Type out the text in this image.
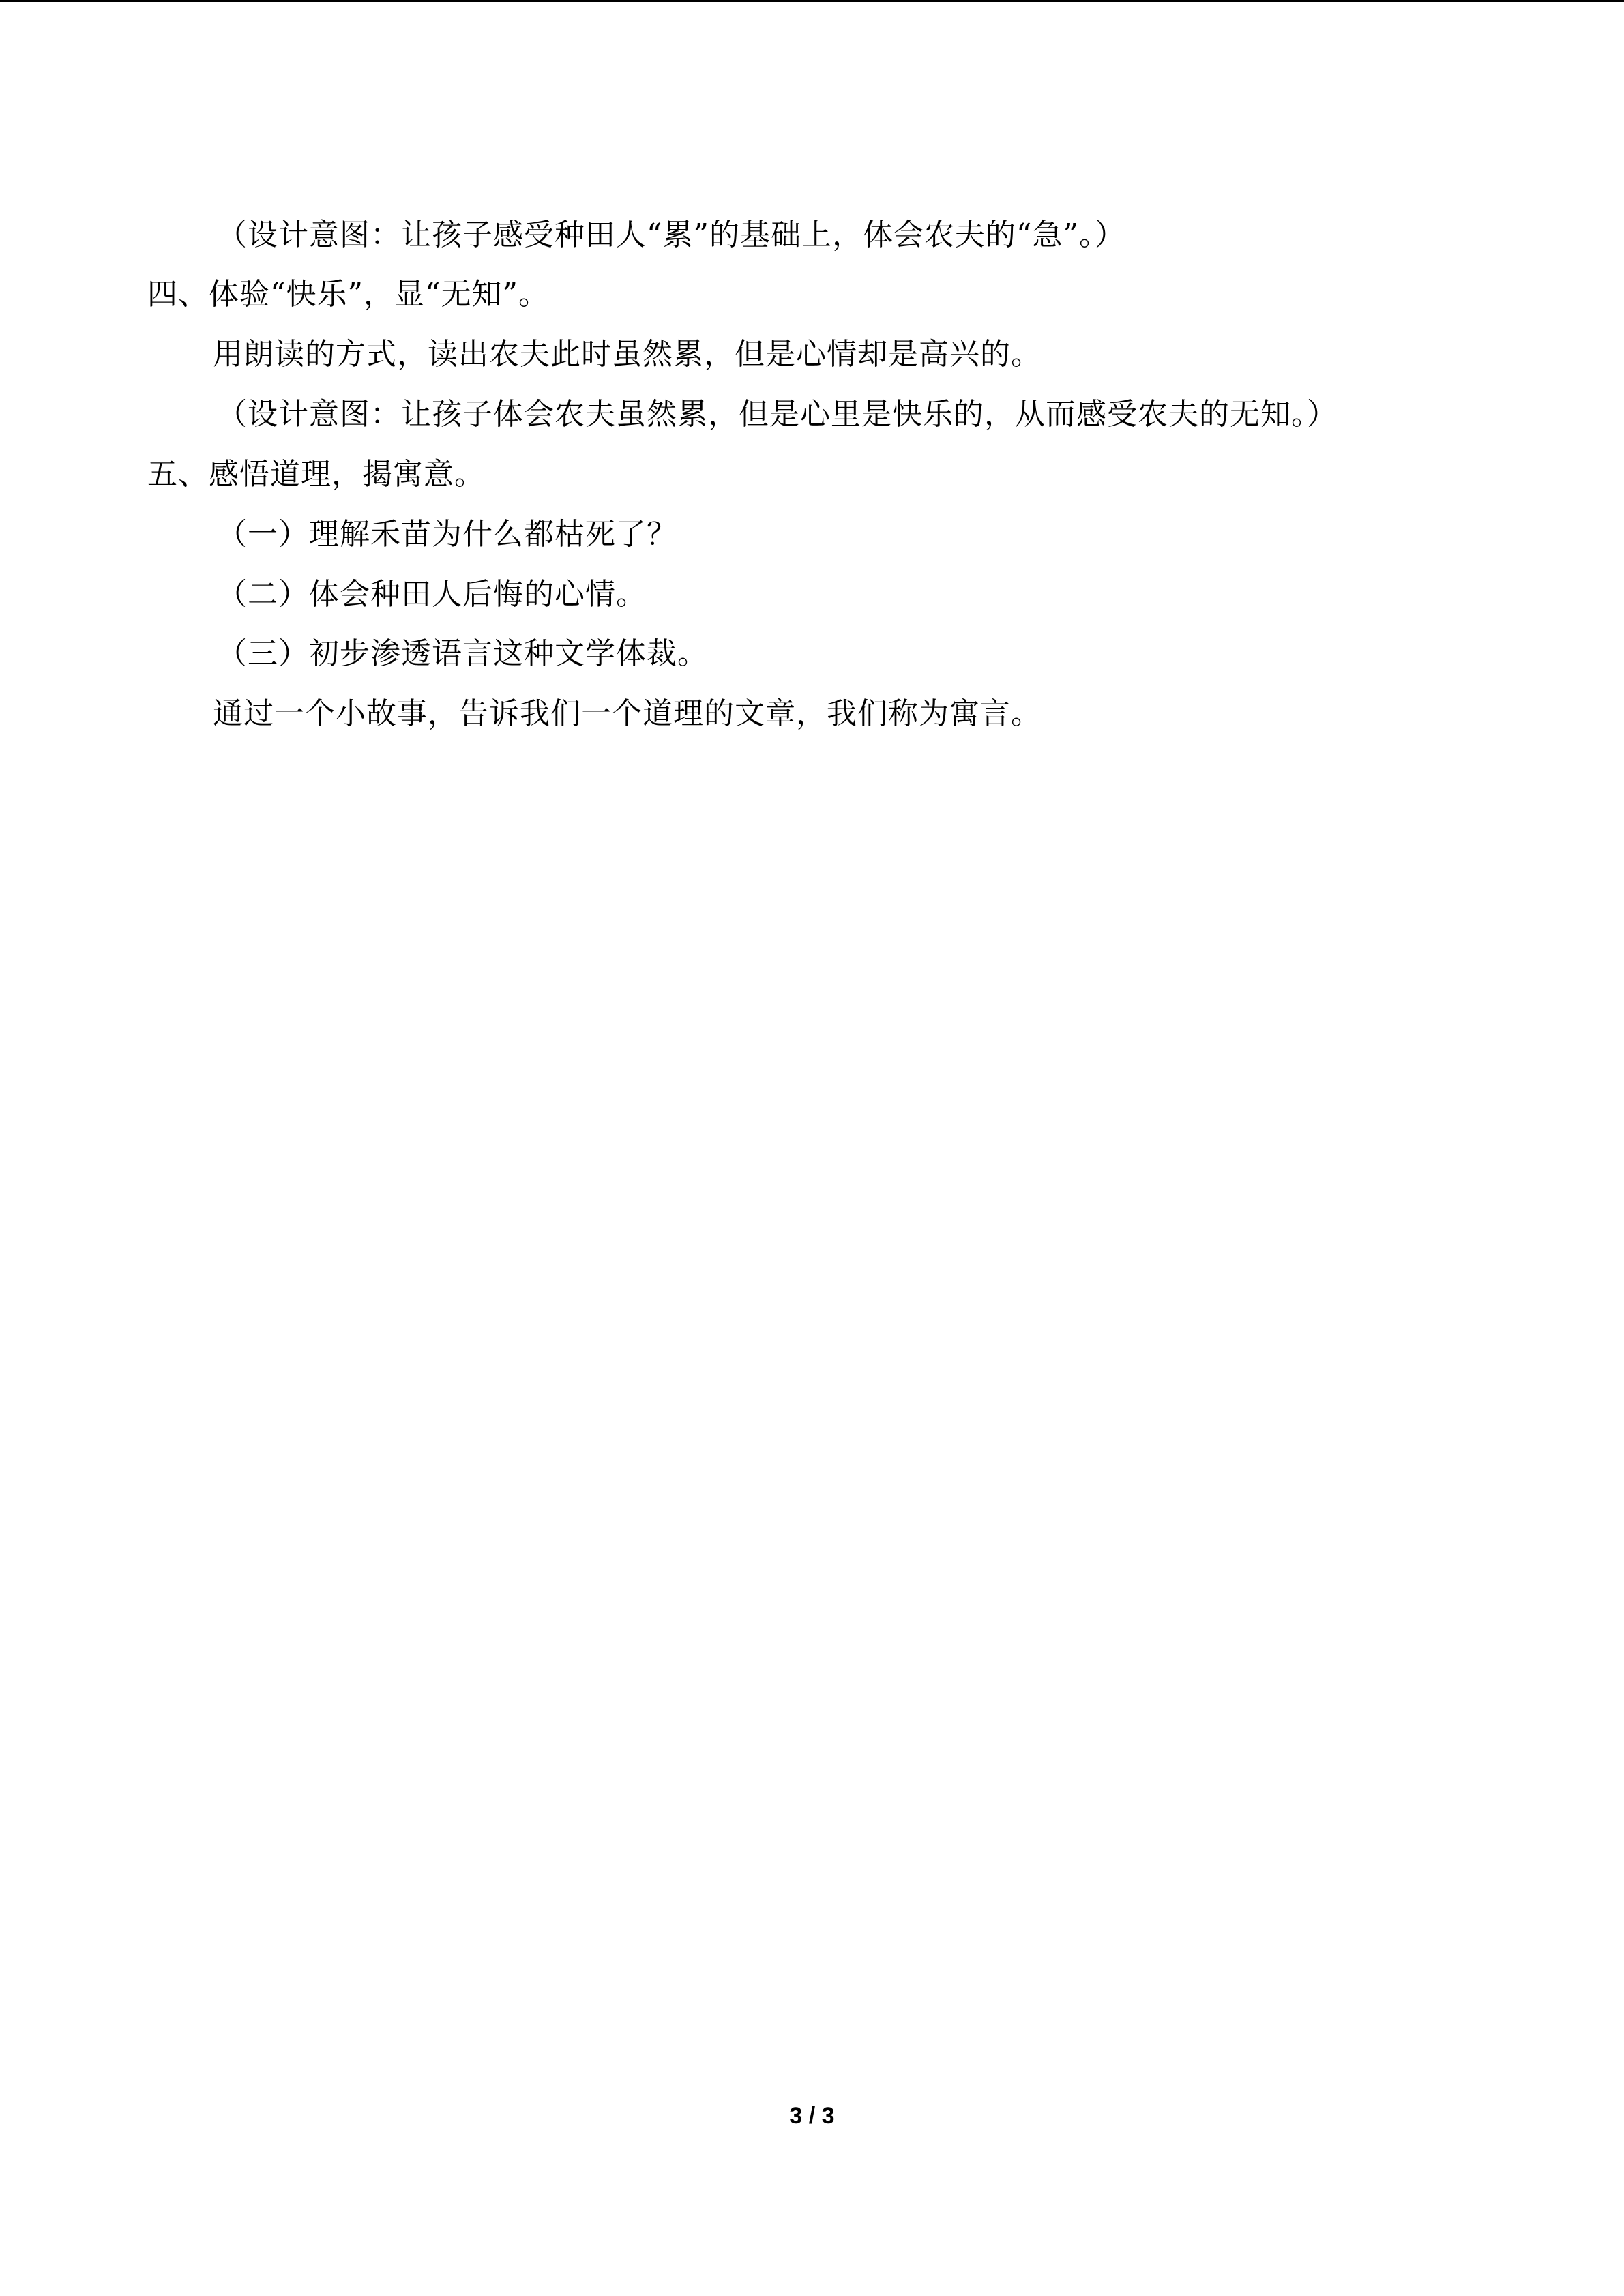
（设计意图：让孩子感受种田人“累”的基础上，体会农夫的“急”。）
四、体验“快乐”，显“无知”。
用朗读的方式，读出农夫此时虽然累，但是心情却是高兴的。
（设计意图：让孩子体会农夫虽然累，但是心里是快乐的，从而感受农夫的无知。）
五、感悟道理，揭寓意。
（一）理解禾苗为什么都枯死了？
（二）体会种田人后悔的心情。
（三）初步渗透语言这种文学体裁。
通过一个小故事，告诉我们一个道理的文章，我们称为寓言。
3 / 3
